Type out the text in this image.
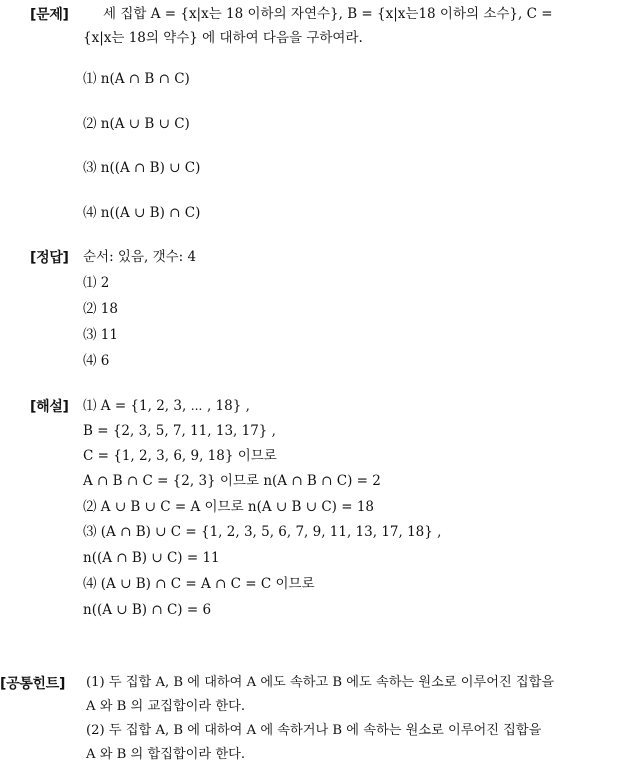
[문제]	세 집합 A = {x|x는 18 이하의 자연수}, B = {x|x는18 이하의 소수}, C =
{x|x는 18의 약수} 에 대하여 다음을 구하여라.
⑴ n(A ∩ B ∩ C)
⑵ n(A ∪ B ∪ C)
⑶ n((A ∩ B) ∪ C)
⑷ n((A ∪ B) ∩ C)
[정답] 순서: 있음, 갯수: 4
⑴ 2
⑵ 18
⑶ 11
⑷ 6
[해설] ⑴ A = {1, 2, 3, ⋯ , 18} ,
B = {2, 3, 5, 7, 11, 13, 17} ,
C = {1, 2, 3, 6, 9, 18} 이므로
A ∩ B ∩ C = {2, 3} 이므로 n(A ∩ B ∩ C) = 2
⑵ A ∪ B ∪ C = A 이므로 n(A ∪ B ∪ C) = 18
⑶ (A ∩ B) ∪ C = {1, 2, 3, 5, 6, 7, 9, 11, 13, 17, 18} ,
n((A ∩ B) ∪ C) = 11
⑷ (A ∪ B) ∩ C = A ∩ C = C 이므로
n((A ∪ B) ∩ C) = 6
[공통힌트] (1) 두 집합 A, B 에 대하여 A 에도 속하고 B 에도 속하는 원소로 이루어진 집합을
A 와 B 의 교집합이라 한다.
(2) 두 집합 A, B 에 대하여 A 에 속하거나 B 에 속하는 원소로 이루어진 집합을
A 와 B 의 합집합이라 한다.
